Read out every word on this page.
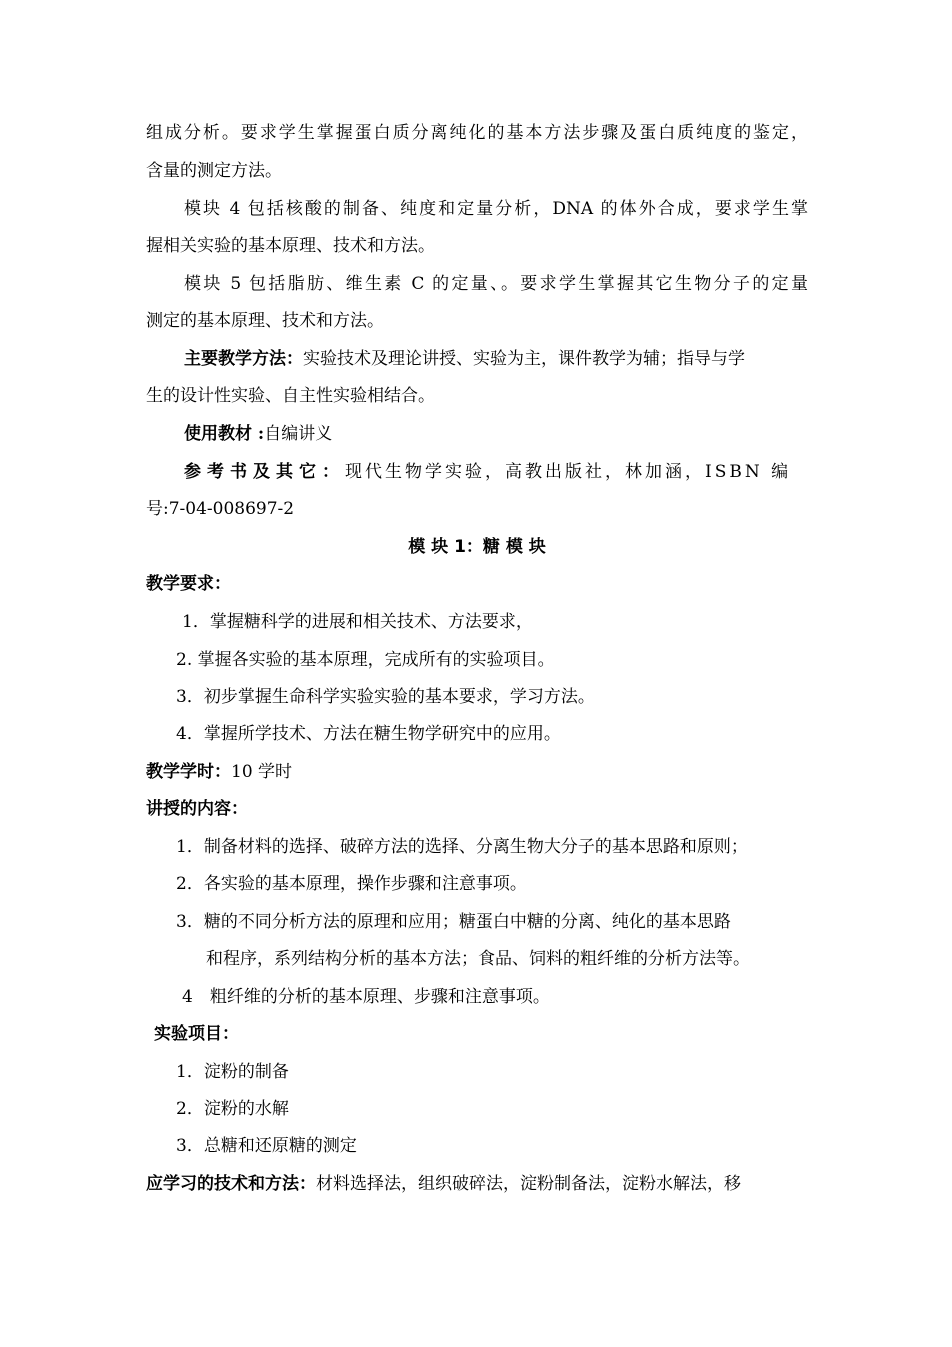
组成分析。要求学生掌握蛋白质分离纯化的基本方法步骤及蛋白质纯度的鉴定，
含量的测定方法。
模块 4 包括核酸的制备、纯度和定量分析，DNA 的体外合成，要求学生掌
握相关实验的基本原理、技术和方法。
模块 5 包括脂肪、维生素 C 的定量、。要求学生掌握其它生物分子的定量
测定的基本原理、技术和方法。
主要教学方法：实验技术及理论讲授、实验为主，课件教学为辅；指导与学
生的设计性实验、自主性实验相结合。
使用教材 :自编讲义
参考书及其它：现代生物学实验，高教出版社，林加涵，ISBN 编
号:7-04-008697-2
模 块 1：糖 模 块
教学要求：
1．掌握糖科学的进展和相关技术、方法要求，
2. 掌握各实验的基本原理，完成所有的实验项目。
3．初步掌握生命科学实验实验的基本要求，学习方法。
4．掌握所学技术、方法在糖生物学研究中的应用。
教学学时：10 学时
讲授的内容：
1．制备材料的选择、破碎方法的选择、分离生物大分子的基本思路和原则；
2．各实验的基本原理，操作步骤和注意事项。
3．糖的不同分析方法的原理和应用；糖蛋白中糖的分离、纯化的基本思路
和程序，系列结构分析的基本方法；食品、饲料的粗纤维的分析方法等。
4　粗纤维的分析的基本原理、步骤和注意事项。
实验项目：
1．淀粉的制备
2．淀粉的水解
3．总糖和还原糖的测定
应学习的技术和方法：材料选择法，组织破碎法，淀粉制备法，淀粉水解法，移
